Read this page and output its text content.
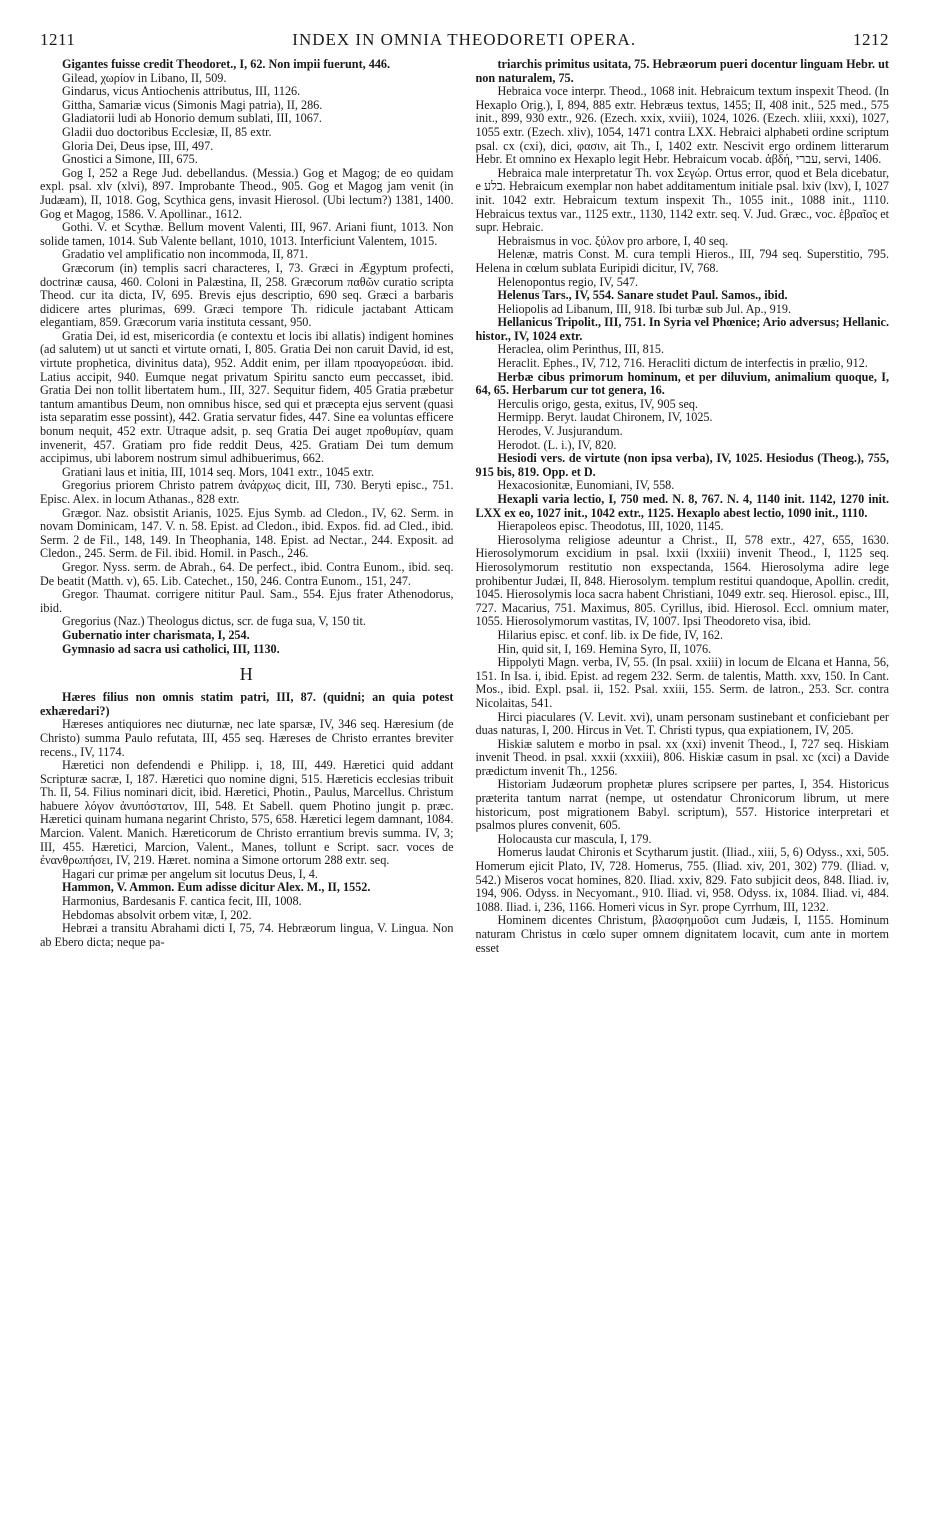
1211	INDEX IN OMNIA THEODORETI OPERA.	1212

Gigantes fuisse credit Theodoret., I, 62. Non impii fuerunt, 446.

Gilead, χωρίον in Libano, II, 509.

Gindarus, vicus Antiochenis attributus, III, 1126.

Gittha, Samariæ vicus (Simonis Magi patria), II, 286.

Gladiatorii ludi ab Honorio demum sublati, III, 1067.

Gladii duo doctoribus Ecclesiæ, II, 85 extr.

Gloria Dei, Deus ipse, III, 497.

Gnostici a Simone, III, 675.

Gog I, 252 a Rege Jud. debellandus. (Messia.) Gog et Magog; de eo quidam expl. psal. xlv (xlvi), 897. Improbante Theod., 905. Gog et Magog jam venit (in Judæam), II, 1018. Gog, Scythica gens, invasit Hierosol. (Ubi lectum?) 1381, 1400. Gog et Magog, 1586. V. Apollinar., 1612.

Gothi. V. et Scythæ. Bellum movent Valenti, III, 967. Ariani fiunt, 1013. Non solide tamen, 1014. Sub Valente bellant, 1010, 1013. Interficiunt Valentem, 1015.

Gradatio vel amplificatio non incommoda, II, 871.

Græcorum (in) templis sacri characteres, I, 73. Græci in Ægyptum profecti, doctrinæ causa, 460. Coloni in Palæstina, II, 258. Græcorum παθῶν curatio scripta Theod. cur ita dicta, IV, 695. Brevis ejus descriptio, 690 seq. Græci a barbaris didicere artes plurimas, 699. Græci tempore Th. ridicule jactabant Atticam elegantiam, 859. Græcorum varia instituta cessant, 950.

Gratia Dei, id est, misericordia (e contextu et locis ibi allatis) indigent homines (ad salutem) ut ut sancti et virtute ornati, I, 805. Gratia Dei non caruit David, id est, virtute prophetica, divinitus data), 952. Addit enim, per illam προαγορεύσαι. ibid. Latius accipit, 940. Eumque negat privatum Spiritu sancto eum peccasset, ibid. Gratia Dei non tollit libertatem hum., III, 327. Sequitur fidem, 405 Gratia præbetur tantum amantibus Deum, non omnibus hisce, sed qui et præcepta ejus servent (quasi ista separatim esse possint), 442. Gratia servatur fides, 447. Sine ea voluntas efficere bonum nequit, 452 extr. Utraque adsit, p. seq Gratia Dei auget προθυμίαν, quam invenerit, 457. Gratiam pro fide reddit Deus, 425. Gratiam Dei tum demum accipimus, ubi laborem nostrum simul adhibuerimus, 662.

Gratiani laus et initia, III, 1014 seq. Mors, 1041 extr., 1045 extr.

Gregorius priorem Christo patrem ἀνάρχως dicit, III, 730. Beryti episc., 751. Episc. Alex. in locum Athanas., 828 extr.

Grægor. Naz. obsistit Arianis, 1025. Ejus Symb. ad Cledon., IV, 62. Serm. in novam Dominicam, 147. V. n. 58. Epist. ad Cledon., ibid. Expos. fid. ad Cled., ibid. Serm. 2 de Fil., 148, 149. In Theophania, 148. Epist. ad Nectar., 244. Exposit. ad Cledon., 245. Serm. de Fil. ibid. Homil. in Pasch., 246.

Gregor. Nyss. serm. de Abrah., 64. De perfect., ibid. Contra Eunom., ibid. seq. De beatit (Matth. v), 65. Lib. Catechet., 150, 246. Contra Eunom., 151, 247.

Gregor. Thaumat. corrigere nititur Paul. Sam., 554. Ejus frater Athenodorus, ibid.

Gregorius (Naz.) Theologus dictus, scr. de fuga sua, V, 150 tit.

Gubernatio inter charismata, I, 254.

Gymnasio ad sacra usi catholici, III, 1130.

H

Hæres filius non omnis statim patri, III, 87. (quidni; an quia potest exhæredari?)

Hæreses antiquiores nec diuturnæ, nec late sparsæ, IV, 346 seq. Hæresium (de Christo) summa Paulo refutata, III, 455 seq. Hæreses de Christo errantes breviter recens., IV, 1174.

Hæretici non defendendi e Philipp. i, 18, III, 449. Hæretici quid addant Scripturæ sacræ, I, 187. Hæretici quo nomine digni, 515. Hæreticis ecclesias tribuit Th. II, 54. Filius nominari dicit, ibid. Hæretici, Photin., Paulus, Marcellus. Christum habuere λόγον ἀνυπόστατον, III, 548. Et Sabell. quem Photino jungit p. præc. Hæretici quinam humana negarint Christo, 575, 658. Hæretici legem damnant, 1084. Marcion. Valent. Manich. Hæreticorum de Christo errantium brevis summa. IV, 3; III, 455. Hæretici, Marcion, Valent., Manes, tollunt e Script. sacr. voces de ἐνανθρωπήσει, IV, 219. Hæret. nomina a Simone ortorum 288 extr. seq.

Hagari cur primæ per angelum sit locutus Deus, I, 4.

Hammon, V. Ammon. Eum adisse dicitur Alex. M., II, 1552.

Harmonius, Bardesanis F. cantica fecit, III, 1008.

Hebdomas absolvit orbem vitæ, I, 202.

Hebræi a transitu Abrahami dicti I, 75, 74. Hebræorum lingua, V. Lingua. Non ab Ebero dicta; neque pa-

triarchis primitus usitata, 75. Hebræorum pueri docentur linguam Hebr. ut non naturalem, 75.

Hebraica voce interpr. Theod., 1068 init. Hebraicum textum inspexit Theod. (In Hexaplo Orig.), I, 894, 885 extr. Hebræus textus, 1455; II, 408 init., 525 med., 575 init., 899, 930 extr., 926. (Ezech. xxix, xviii), 1024, 1026. (Ezech. xliii, xxxi), 1027, 1055 extr. (Ezech. xliv), 1054, 1471 contra LXX. Hebraici alphabeti ordine scriptum psal. cx (cxi), dici, φασιν, ait Th., I, 1402 extr. Nescivit ergo ordinem litterarum Hebr. Et omnino ex Hexaplo legit Hebr. Hebraicum vocab. ἀβδή, עברי, servi, 1406.

Hebraica male interpretatur Th. vox Σεγώρ. Ortus error, quod et Bela dicebatur, e בלע. Hebraicum exemplar non habet additamentum initiale psal. lxiv (lxv), I, 1027 init. 1042 extr. Hebraicum textum inspexit Th., 1055 init., 1088 init., 1110. Hebraicus textus var., 1125 extr., 1130, 1142 extr. seq. V. Jud. Græc., voc. ἑβραῖος et supr. Hebraic.

Hebraismus in voc. ξύλον pro arbore, I, 40 seq.

Helenæ, matris Const. M. cura templi Hieros., III, 794 seq. Superstitio, 795. Helena in cœlum sublata Euripidi dicitur, IV, 768.

Helenopontus regio, IV, 547.

Helenus Tars., IV, 554. Sanare studet Paul. Samos., ibid.

Heliopolis ad Libanum, III, 918. Ibi turbæ sub Jul. Ap., 919.

Hellanicus Tripolit., III, 751. In Syria vel Phœnice; Ario adversus; Hellanic. histor., IV, 1024 extr.

Heraclea, olim Perinthus, III, 815.

Heraclit. Ephes., IV, 712, 716. Heracliti dictum de interfectis in prælio, 912.

Herbæ cibus primorum hominum, et per diluvium, animalium quoque, I, 64, 65. Herbarum cur tot genera, 16.

Herculis origo, gesta, exitus, IV, 905 seq.

Hermipp. Beryt. laudat Chironem, IV, 1025.

Herodes, V. Jusjurandum.

Herodot. (L. i.), IV, 820.

Hesiodi vers. de virtute (non ipsa verba), IV, 1025. Hesiodus (Theog.), 755, 915 bis, 819. Opp. et D.

Hexacosionitæ, Eunomiani, IV, 558.

Hexapli varia lectio, I, 750 med. N. 8, 767. N. 4, 1140 init. 1142, 1270 init. LXX ex eo, 1027 init., 1042 extr., 1125. Hexaplo abest lectio, 1090 init., 1110.

Hierapoleos episc. Theodotus, III, 1020, 1145.

Hierosolyma religiose adeuntur a Christ., II, 578 extr., 427, 655, 1630. Hierosolymorum excidium in psal. lxxii (lxxiii) invenit Theod., I, 1125 seq. Hierosolymorum restitutio non exspectanda, 1564. Hierosolyma adire lege prohibentur Judæi, II, 848. Hierosolym. templum restitui quandoque, Apollin. credit, 1045. Hierosolymis loca sacra habent Christiani, 1049 extr. seq. Hierosol. episc., III, 727. Macarius, 751. Maximus, 805. Cyrillus, ibid. Hierosol. Eccl. omnium mater, 1055. Hierosolymorum vastitas, IV, 1007. Ipsi Theodoreto visa, ibid.

Hilarius episc. et conf. lib. ix De fide, IV, 162.

Hin, quid sit, I, 169. Hemina Syro, II, 1076.

Hippolyti Magn. verba, IV, 55. (In psal. xxiii) in locum de Elcana et Hanna, 56, 151. In Isa. i, ibid. Epist. ad regem 232. Serm. de talentis, Matth. xxv, 150. In Cant. Mos., ibid. Expl. psal. ii, 152. Psal. xxiii, 155. Serm. de latron., 253. Scr. contra Nicolaitas, 541.

Hirci piaculares (V. Levit. xvi), unam personam sustinebant et conficiebant per duas naturas, I, 200. Hircus in Vet. T. Christi typus, qua expiationem, IV, 205.

Hiskiæ salutem e morbo in psal. xx (xxi) invenit Theod., I, 727 seq. Hiskiam invenit Theod. in psal. xxxii (xxxiii), 806. Hiskiæ casum in psal. xc (xci) a Davide prædictum invenit Th., 1256.

Historiam Judæorum prophetæ plures scripsere per partes, I, 354. Historicus præterita tantum narrat (nempe, ut ostendatur Chronicorum librum, ut mere historicum, post migrationem Babyl. scriptum), 557. Historice interpretari et psalmos plures convenit, 605.

Holocausta cur mascula, I, 179.

Homerus laudat Chironis et Scytharum justit. (Iliad., xiii, 5, 6) Odyss., xxi, 505. Homerum ejicit Plato, IV, 728. Homerus, 755. (Iliad. xiv, 201, 302) 779. (Iliad. v, 542.) Miseros vocat homines, 820. Iliad. xxiv, 829. Fato subjicit deos, 848. Iliad. iv, 194, 906. Odyss. in Necyomant., 910. Iliad. vi, 958. Odyss. ix, 1084. Iliad. vi, 484. 1088. Iliad. i, 236, 1166. Homeri vicus in Syr. prope Cyrrhum, III, 1232.

Hominem dicentes Christum, βλασφημοῦσι cum Judæis, I, 1155. Hominum naturam Christus in cœlo super omnem dignitatem locavit, cum ante in mortem esset
